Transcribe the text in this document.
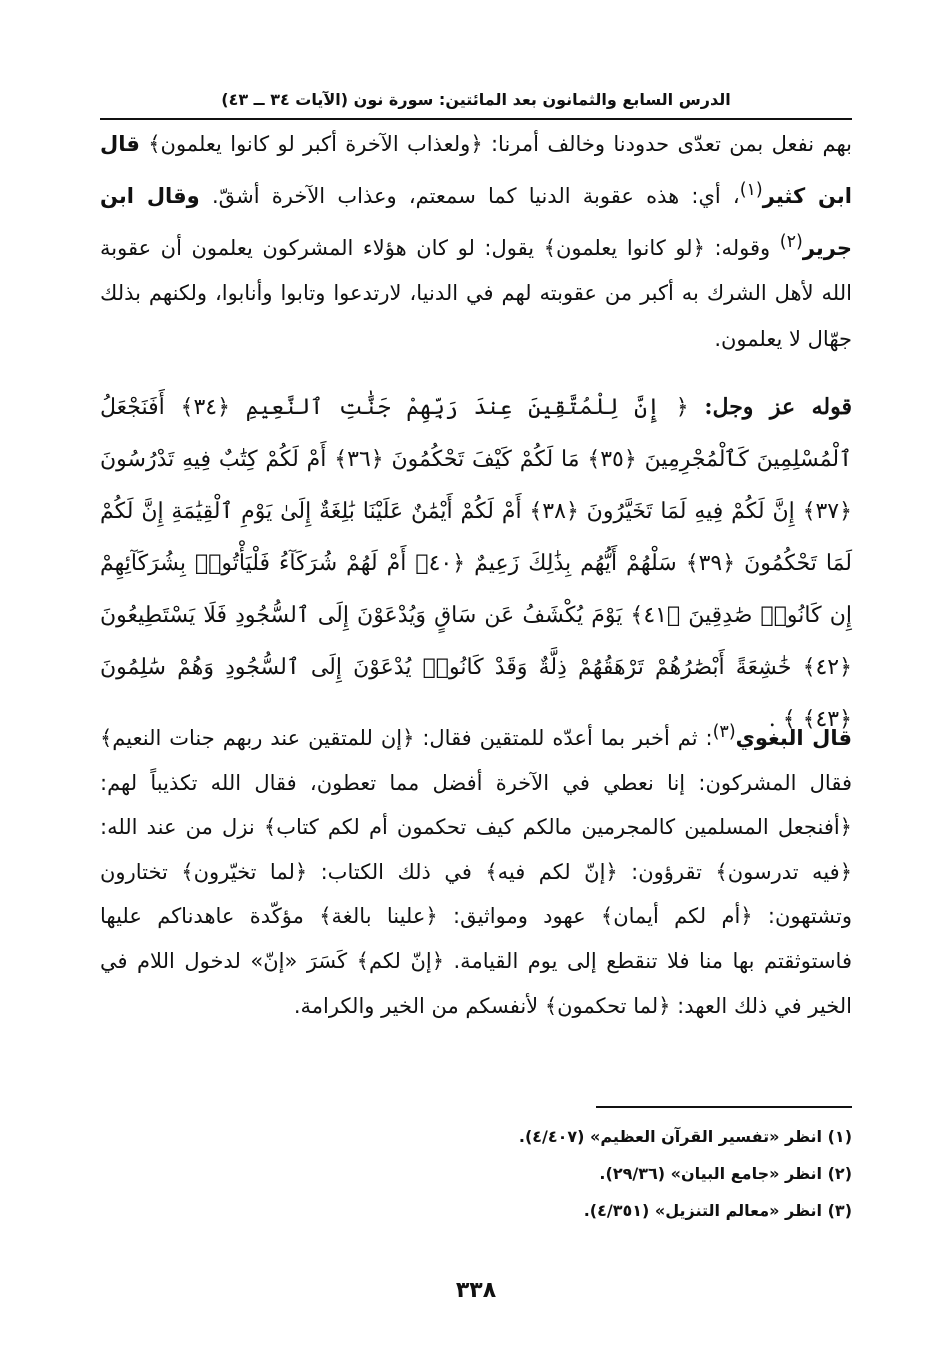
الدرس السابع والثمانون بعد المائتين: سورة نون (الآيات ٣٤ ــ ٤٣)

بهم نفعل بمن تعدّى حدودنا وخالف أمرنا: ﴿ولعذاب الآخرة أكبر لو كانوا يعلمون﴾ قال ابن كثير$^{(١)}$، أي: هذه عقوبة الدنيا كما سمعتم، وعذاب الآخرة أشقّ. وقال ابن جرير$^{(٢)}$ وقوله: ﴿لو كانوا يعلمون﴾ يقول: لو كان هؤلاء المشركون يعلمون أن عقوبة الله لأهل الشرك به أكبر من عقوبته لهم في الدنيا، لارتدعوا وتابوا وأنابوا، ولكنهم بذلك جهّال لا يعلمون.

قوله عز وجل: ﴿ إِنَّ لِلْمُتَّقِينَ عِندَ رَبِّهِمْ جَنَّٰتِ ٱلنَّعِيمِ ﴿٣٤﴾ أَفَنَجْعَلُ ٱلْمُسْلِمِينَ كَٱلْمُجْرِمِينَ ﴿٣٥﴾ مَا لَكُمْ كَيْفَ تَحْكُمُونَ ﴿٣٦﴾ أَمْ لَكُمْ كِتَٰبٌ فِيهِ تَدْرُسُونَ ﴿٣٧﴾ إِنَّ لَكُمْ فِيهِ لَمَا تَخَيَّرُونَ ﴿٣٨﴾ أَمْ لَكُمْ أَيْمَٰنٌ عَلَيْنَا بَٰلِغَةٌ إِلَىٰ يَوْمِ ٱلْقِيَٰمَةِ إِنَّ لَكُمْ لَمَا تَحْكُمُونَ ﴿٣٩﴾ سَلْهُمْ أَيُّهُم بِذَٰلِكَ زَعِيمٌ ﴿٤٠﴾ أَمْ لَهُمْ شُرَكَآءُ فَلْيَأْتُوا۟ بِشُرَكَآئِهِمْ إِن كَانُوا۟ صَٰدِقِينَ ﴿٤١﴾ يَوْمَ يُكْشَفُ عَن سَاقٍ وَيُدْعَوْنَ إِلَى ٱلسُّجُودِ فَلَا يَسْتَطِيعُونَ ﴿٤٢﴾ خَٰشِعَةً أَبْصَٰرُهُمْ تَرْهَقُهُمْ ذِلَّةٌ وَقَدْ كَانُوا۟ يُدْعَوْنَ إِلَى ٱلسُّجُودِ وَهُمْ سَٰلِمُونَ ﴿٤٣﴾ ﴾ .

قال البغوي$^{(٣)}$: ثم أخبر بما أعدّه للمتقين فقال: ﴿إن للمتقين عند ربهم جنات النعيم﴾ فقال المشركون: إنا نعطي في الآخرة أفضل مما تعطون، فقال الله تكذيباً لهم: ﴿أفنجعل المسلمين كالمجرمين مالكم كيف تحكمون أم لكم كتاب﴾ نزل من عند الله: ﴿فيه تدرسون﴾ تقرؤون: ﴿إنّ لكم فيه﴾ في ذلك الكتاب: ﴿لما تخيّرون﴾ تختارون وتشتهون: ﴿أم لكم أيمان﴾ عهود ومواثيق: ﴿علينا بالغة﴾ مؤكّدة عاهدناكم عليها فاستوثقتم بها منا فلا تنقطع إلى يوم القيامة. ﴿إنّ لكم﴾ كَسَرَ «إنّ» لدخول اللام في الخير في ذلك العهد: ﴿لما تحكمون﴾ لأنفسكم من الخير والكرامة.

(١) انظر «تفسير القرآن العظيم» (٤/٤٠٧).
(٢) انظر «جامع البيان» (٢٩/٣٦).
(٣) انظر «معالم التنزيل» (٤/٣٥١).
٣٣٨
